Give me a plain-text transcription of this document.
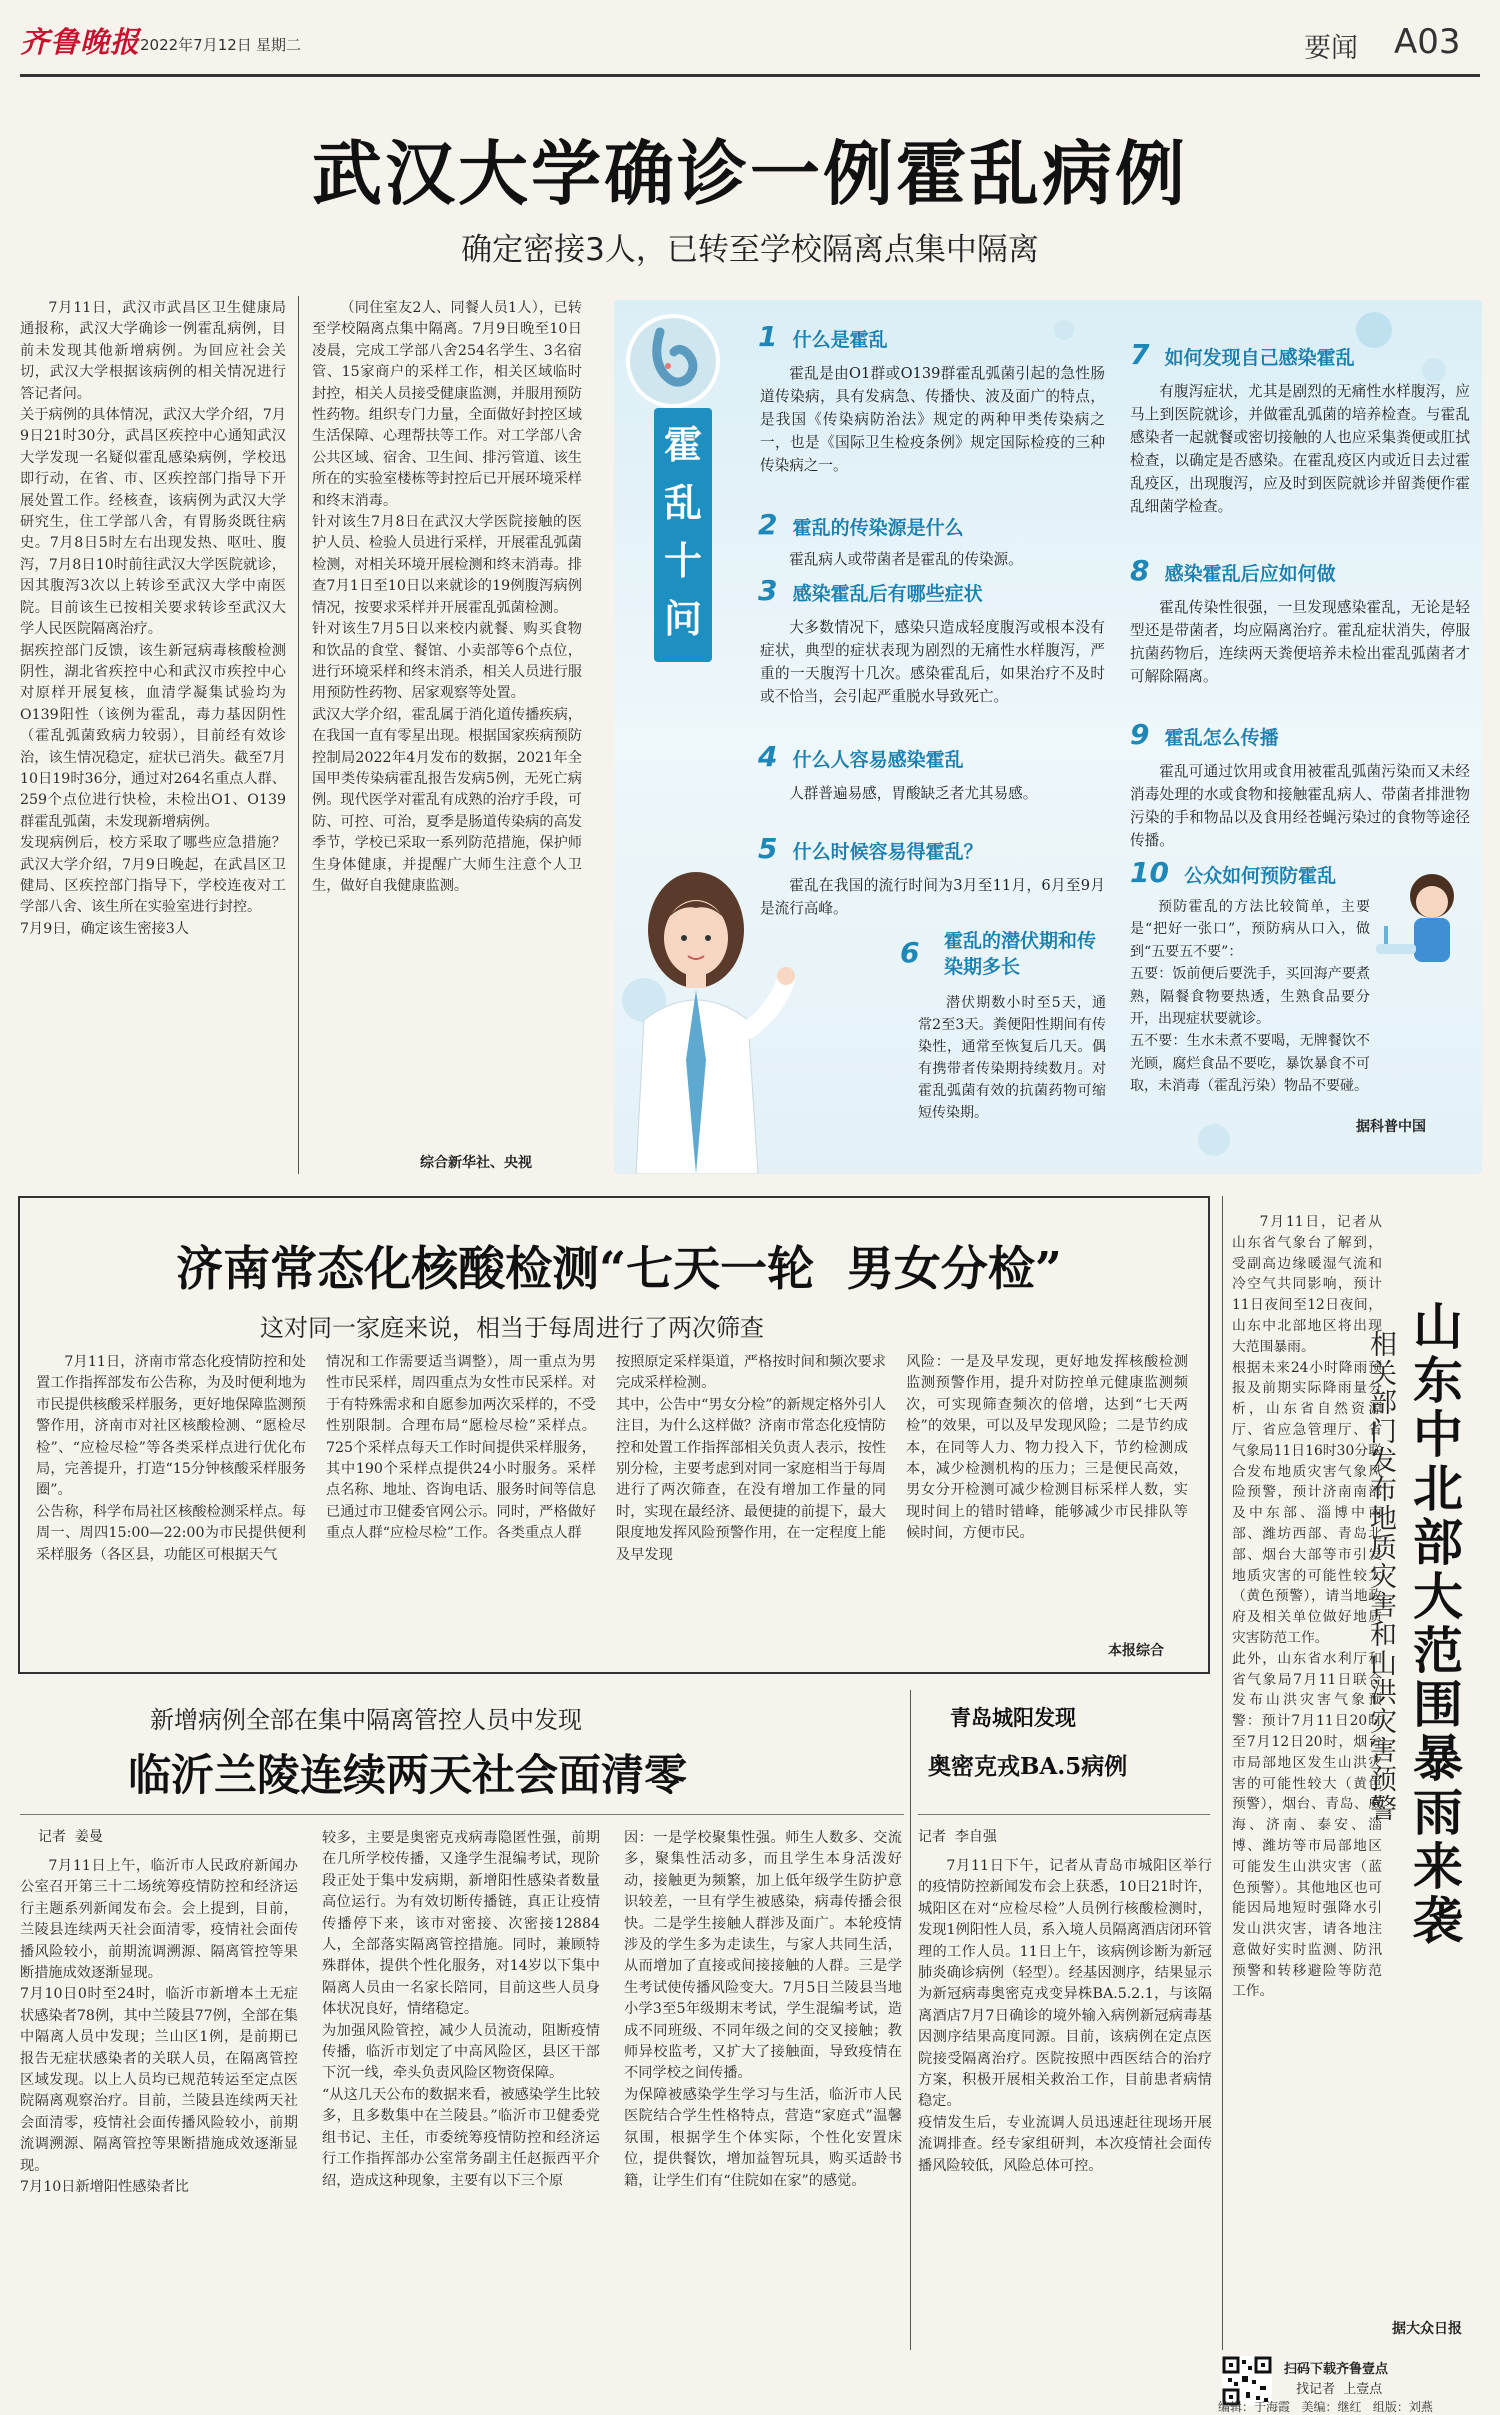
齐鲁晚报 2022年7月12日 星期二	要闻 A03
武汉大学确诊一例霍乱病例
确定密接3人，已转至学校隔离点集中隔离
7月11日，武汉市武昌区卫生健康局通报称，武汉大学确诊一例霍乱病例，目前未发现其他新增病例。为回应社会关切，武汉大学根据该病例的相关情况进行答记者问。
关于病例的具体情况，武汉大学介绍，7月9日21时30分，武昌区疾控中心通知武汉大学发现一名疑似霍乱感染病例，学校迅即行动，在省、市、区疾控部门指导下开展处置工作。经核查，该病例为武汉大学研究生，住工学部八舍，有胃肠炎既往病史。7月8日5时左右出现发热、呕吐、腹泻，7月8日10时前往武汉大学医院就诊，因其腹泻3次以上转诊至武汉大学中南医院。目前该生已按相关要求转诊至武汉大学人民医院隔离治疗。
据疾控部门反馈，该生新冠病毒核酸检测阴性，湖北省疾控中心和武汉市疾控中心对原样开展复核，血清学凝集试验均为O139阳性（该例为霍乱，毒力基因阴性（霍乱弧菌致病力较弱），目前经有效诊治，该生情况稳定，症状已消失。截至7月10日19时36分，通过对264名重点人群、259个点位进行快检，未检出O1、O139群霍乱弧菌，未发现新增病例。
发现病例后，校方采取了哪些应急措施？武汉大学介绍，7月9日晚起，在武昌区卫健局、区疾控部门指导下，学校连夜对工学部八舍、该生所在实验室进行封控。
7月9日，确定该生密接3人
（同住室友2人、同餐人员1人），已转至学校隔离点集中隔离。7月9日晚至10日凌晨，完成工学部八舍254名学生、3名宿管、15家商户的采样工作，相关区域临时封控，相关人员接受健康监测，并服用预防性药物。组织专门力量，全面做好封控区域生活保障、心理帮扶等工作。对工学部八舍公共区域、宿舍、卫生间、排污管道、该生所在的实验室楼栋等封控后已开展环境采样和终末消毒。
针对该生7月8日在武汉大学医院接触的医护人员、检验人员进行采样，开展霍乱弧菌检测，对相关环境开展检测和终末消毒。排查7月1日至10日以来就诊的19例腹泻病例情况，按要求采样并开展霍乱弧菌检测。
针对该生7月5日以来校内就餐、购买食物和饮品的食堂、餐馆、小卖部等6个点位，进行环境采样和终末消杀，相关人员进行服用预防性药物、居家观察等处置。
武汉大学介绍，霍乱属于消化道传播疾病，在我国一直有零星出现。根据国家疾病预防控制局2022年4月发布的数据，2021年全国甲类传染病霍乱报告发病5例，无死亡病例。现代医学对霍乱有成熟的治疗手段，可防、可控、可治，夏季是肠道传染病的高发季节，学校已采取一系列防范措施，保护师生身体健康，并提醒广大师生注意个人卫生，做好自我健康监测。
综合新华社、央视
霍
乱
十
问
1 什么是霍乱
霍乱是由O1群或O139群霍乱弧菌引起的急性肠道传染病，具有发病急、传播快、波及面广的特点，是我国《传染病防治法》规定的两种甲类传染病之一，也是《国际卫生检疫条例》规定国际检疫的三种传染病之一。
2 霍乱的传染源是什么
霍乱病人或带菌者是霍乱的传染源。
3 感染霍乱后有哪些症状
大多数情况下，感染只造成轻度腹泻或根本没有症状，典型的症状表现为剧烈的无痛性水样腹泻，严重的一天腹泻十几次。感染霍乱后，如果治疗不及时或不恰当，会引起严重脱水导致死亡。
4 什么人容易感染霍乱
人群普遍易感，胃酸缺乏者尤其易感。
5 什么时候容易得霍乱？
霍乱在我国的流行时间为3月至11月，6月至9月是流行高峰。
6 霍乱的潜伏期和传染期多长
潜伏期数小时至5天，通常2至3天。粪便阳性期间有传染性，通常至恢复后几天。偶有携带者传染期持续数月。对霍乱弧菌有效的抗菌药物可缩短传染期。
7 如何发现自己感染霍乱
有腹泻症状，尤其是剧烈的无痛性水样腹泻，应马上到医院就诊，并做霍乱弧菌的培养检查。与霍乱感染者一起就餐或密切接触的人也应采集粪便或肛拭检查，以确定是否感染。在霍乱疫区内或近日去过霍乱疫区，出现腹泻，应及时到医院就诊并留粪便作霍乱细菌学检查。
8 感染霍乱后应如何做
霍乱传染性很强，一旦发现感染霍乱，无论是轻型还是带菌者，均应隔离治疗。霍乱症状消失，停服抗菌药物后，连续两天粪便培养未检出霍乱弧菌者才可解除隔离。
9 霍乱怎么传播
霍乱可通过饮用或食用被霍乱弧菌污染而又未经消毒处理的水或食物和接触霍乱病人、带菌者排泄物污染的手和物品以及食用经苍蝇污染过的食物等途径传播。
10 公众如何预防霍乱
预防霍乱的方法比较简单，主要是“把好一张口”，预防病从口入，做到“五要五不要”：
五要：饭前便后要洗手，买回海产要煮熟，隔餐食物要热透，生熟食品要分开，出现症状要就诊。
五不要：生水未煮不要喝，无牌餐饮不光顾，腐烂食品不要吃，暴饮暴食不可取，未消毒（霍乱污染）物品不要碰。
据科普中国
济南常态化核酸检测“七天一轮  男女分检”
这对同一家庭来说，相当于每周进行了两次筛查
7月11日，济南市常态化疫情防控和处置工作指挥部发布公告称，为及时便利地为市民提供核酸采样服务，更好地保障监测预警作用，济南市对社区核酸检测、“愿检尽检”、“应检尽检”等各类采样点进行优化布局，完善提升，打造“15分钟核酸采样服务圈”。
公告称，科学布局社区核酸检测采样点。每周一、周四15:00—22:00为市民提供便利采样服务（各区县，功能区可根据天气
情况和工作需要适当调整），周一重点为男性市民采样，周四重点为女性市民采样。对于有特殊需求和自愿参加两次采样的，不受性别限制。合理布局“愿检尽检”采样点。725个采样点每天工作时间提供采样服务，其中190个采样点提供24小时服务。采样点名称、地址、咨询电话、服务时间等信息已通过市卫健委官网公示。同时，严格做好重点人群“应检尽检”工作。各类重点人群
按照原定采样渠道，严格按时间和频次要求完成采样检测。
其中，公告中“男女分检”的新规定格外引人注目，为什么这样做？济南市常态化疫情防控和处置工作指挥部相关负责人表示，按性别分检，主要考虑到对同一家庭相当于每周进行了两次筛查，在没有增加工作量的同时，实现在最经济、最便捷的前提下，最大限度地发挥风险预警作用，在一定程度上能及早发现
风险：一是及早发现，更好地发挥核酸检测监测预警作用，提升对防控单元健康监测频次，可实现筛查频次的倍增，达到“七天两检”的效果，可以及早发现风险；二是节约成本，在同等人力、物力投入下，节约检测成本，减少检测机构的压力；三是便民高效，男女分开检测可减少检测目标采样人数，实现时间上的错时错峰，能够减少市民排队等候时间，方便市民。
本报综合
新增病例全部在集中隔离管控人员中发现
临沂兰陵连续两天社会面清零
记者  姜曼
7月11日上午，临沂市人民政府新闻办公室召开第三十二场统筹疫情防控和经济运行主题系列新闻发布会。会上提到，目前，兰陵县连续两天社会面清零，疫情社会面传播风险较小，前期流调溯源、隔离管控等果断措施成效逐渐显现。
7月10日0时至24时，临沂市新增本土无症状感染者78例，其中兰陵县77例，全部在集中隔离人员中发现；兰山区1例，是前期已报告无症状感染者的关联人员，在隔离管控区域发现。以上人员均已规范转运至定点医院隔离观察治疗。目前，兰陵县连续两天社会面清零，疫情社会面传播风险较小，前期流调溯源、隔离管控等果断措施成效逐渐显现。
7月10日新增阳性感染者比
较多，主要是奥密克戎病毒隐匿性强，前期在几所学校传播，又逢学生混编考试，现阶段正处于集中发病期，新增阳性感染者数量高位运行。为有效切断传播链，真正让疫情传播停下来，该市对密接、次密接12884人，全部落实隔离管控措施。同时，兼顾特殊群体，提供个性化服务，对14岁以下集中隔离人员由一名家长陪同，目前这些人员身体状况良好，情绪稳定。
为加强风险管控，减少人员流动，阻断疫情传播，临沂市划定了中高风险区，县区干部下沉一线，牵头负责风险区物资保障。
“从这几天公布的数据来看，被感染学生比较多，且多数集中在兰陵县。”临沂市卫健委党组书记、主任，市委统筹疫情防控和经济运行工作指挥部办公室常务副主任赵振西平介绍，造成这种现象，主要有以下三个原
因：一是学校聚集性强。师生人数多、交流多，聚集性活动多，而且学生本身活泼好动，接触更为频繁，加上低年级学生防护意识较差，一旦有学生被感染，病毒传播会很快。二是学生接触人群涉及面广。本轮疫情涉及的学生多为走读生，与家人共同生活，从而增加了直接或间接接触的人群。三是学生考试使传播风险变大。7月5日兰陵县当地小学3至5年级期末考试，学生混编考试，造成不同班级、不同年级之间的交叉接触；教师异校监考，又扩大了接触面，导致疫情在不同学校之间传播。
为保障被感染学生学习与生活，临沂市人民医院结合学生性格特点，营造“家庭式”温馨氛围，根据学生个体实际，个性化安置床位，提供餐饮，增加益智玩具，购买适龄书籍，让学生们有“住院如在家”的感觉。
青岛城阳发现
奥密克戎BA.5病例
记者  李自强
7月11日下午，记者从青岛市城阳区举行的疫情防控新闻发布会上获悉，10日21时许，城阳区在对“应检尽检”人员例行核酸检测时，发现1例阳性人员，系入境人员隔离酒店闭环管理的工作人员。11日上午，该病例诊断为新冠肺炎确诊病例（轻型）。经基因测序，结果显示为新冠病毒奥密克戎变异株BA.5.2.1，与该隔离酒店7月7日确诊的境外输入病例新冠病毒基因测序结果高度同源。目前，该病例在定点医院接受隔离治疗。医院按照中西医结合的治疗方案，积极开展相关救治工作，目前患者病情稳定。
疫情发生后，专业流调人员迅速赶往现场开展流调排查。经专家组研判，本次疫情社会面传播风险较低，风险总体可控。
7月11日，记者从山东省气象台了解到，受副高边缘暖湿气流和冷空气共同影响，预计11日夜间至12日夜间，山东中北部地区将出现大范围暴雨。
根据未来24小时降雨预报及前期实际降雨量分析，山东省自然资源厅、省应急管理厅、省气象局11日16时30分联合发布地质灾害气象风险预警，预计济南南部及中东部、淄博中南部、潍坊西部、青岛北部、烟台大部等市引发地质灾害的可能性较大（黄色预警），请当地政府及相关单位做好地质灾害防范工作。
此外，山东省水利厅和省气象局7月11日联合发布山洪灾害气象预警：预计7月11日20时至7月12日20时，烟台市局部地区发生山洪灾害的可能性较大（黄色预警），烟台、青岛、威海、济南、泰安、淄博、潍坊等市局部地区可能发生山洪灾害（蓝色预警）。其他地区也可能因局地短时强降水引发山洪灾害，请各地注意做好实时监测、防汛预警和转移避险等防范工作。
山东中北部大范围暴雨来袭
相关部门发布地质灾害和山洪灾害预警
据大众日报
扫码下载齐鲁壹点
找记者  上壹点
编辑：于海霞   美编：继红   组版：刘燕
